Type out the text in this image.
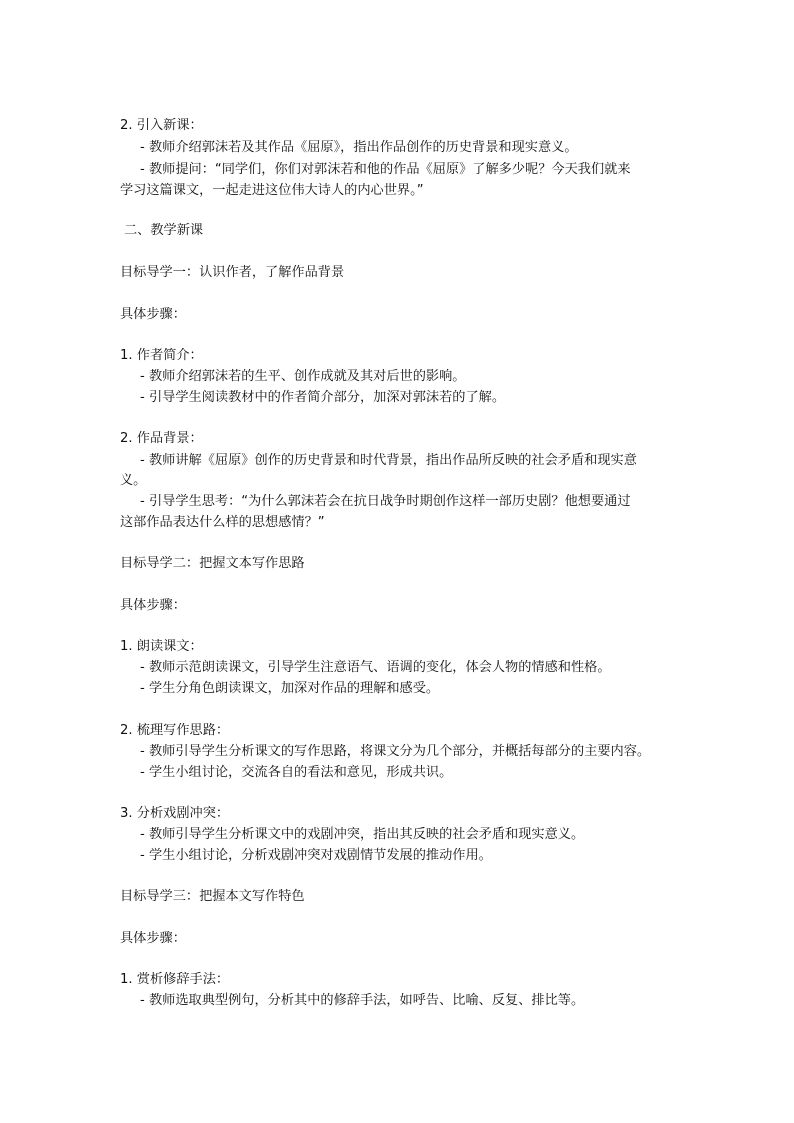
2. 引入新课：
- 教师介绍郭沫若及其作品《屈原》，指出作品创作的历史背景和现实意义。
- 教师提问：“同学们，你们对郭沫若和他的作品《屈原》了解多少呢？今天我们就来
学习这篇课文，一起走进这位伟大诗人的内心世界。”
二、教学新课
目标导学一：认识作者，了解作品背景
具体步骤：
1. 作者简介：
- 教师介绍郭沫若的生平、创作成就及其对后世的影响。
- 引导学生阅读教材中的作者简介部分，加深对郭沫若的了解。
2. 作品背景：
- 教师讲解《屈原》创作的历史背景和时代背景，指出作品所反映的社会矛盾和现实意
义。
- 引导学生思考：“为什么郭沫若会在抗日战争时期创作这样一部历史剧？他想要通过
这部作品表达什么样的思想感情？”
目标导学二：把握文本写作思路
具体步骤：
1. 朗读课文：
- 教师示范朗读课文，引导学生注意语气、语调的变化，体会人物的情感和性格。
- 学生分角色朗读课文，加深对作品的理解和感受。
2. 梳理写作思路：
- 教师引导学生分析课文的写作思路，将课文分为几个部分，并概括每部分的主要内容。
- 学生小组讨论，交流各自的看法和意见，形成共识。
3. 分析戏剧冲突：
- 教师引导学生分析课文中的戏剧冲突，指出其反映的社会矛盾和现实意义。
- 学生小组讨论，分析戏剧冲突对戏剧情节发展的推动作用。
目标导学三：把握本文写作特色
具体步骤：
1. 赏析修辞手法：
- 教师选取典型例句，分析其中的修辞手法，如呼告、比喻、反复、排比等。
